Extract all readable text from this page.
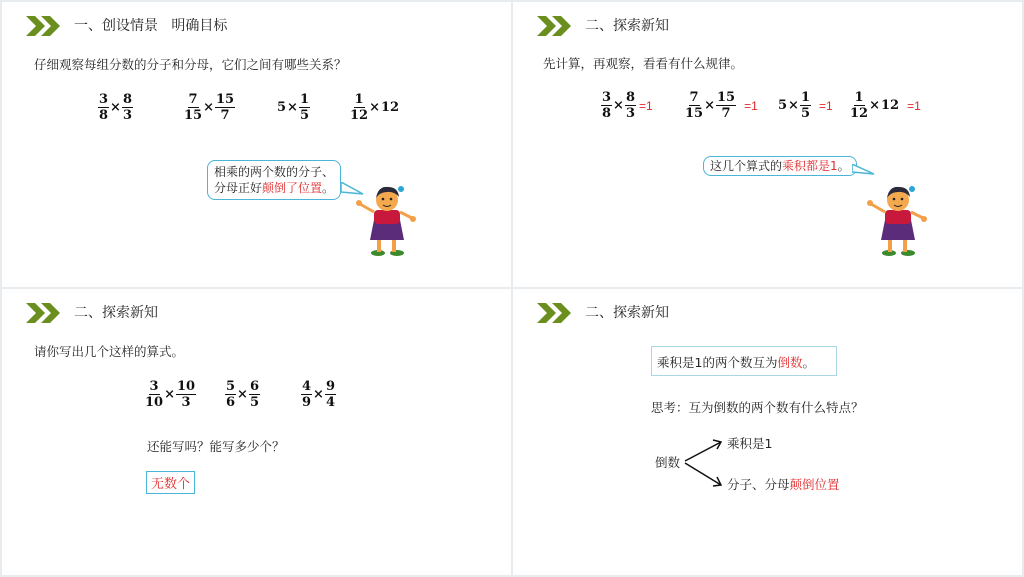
一、创设情景   明确目标
仔细观察每组分数的分子和分母，它们之间有哪些关系？
$\frac{3}{8} \times \frac{8}{3}$	$\frac{7}{15} \times \frac{15}{7}$	$5 \times \frac{1}{5}$	$\frac{1}{12} \times 12$
相乘的两个数的分子、
分母正好颠倒了位置。
二、探索新知
先计算，再观察，看看有什么规律。
$\frac{3}{8} \times \frac{8}{3} =1 \frac{7}{15} \times \frac{15}{7} =1$ $5 \times \frac{1}{5} =1 \frac{1}{12} \times 12 =1$
这几个算式的乘积都是1。
二、探索新知
请你写出几个这样的算式。
$\frac{3}{10} \times \frac{10}{3} \frac{5}{6} \times \frac{6}{5}$	$\frac{4}{9} \times \frac{9}{4}$
还能写吗？能写多少个？
无数个
二、探索新知
乘积是1的两个数互为倒数。
思考：互为倒数的两个数有什么特点？
倒数
乘积是1
分子、分母颠倒位置
